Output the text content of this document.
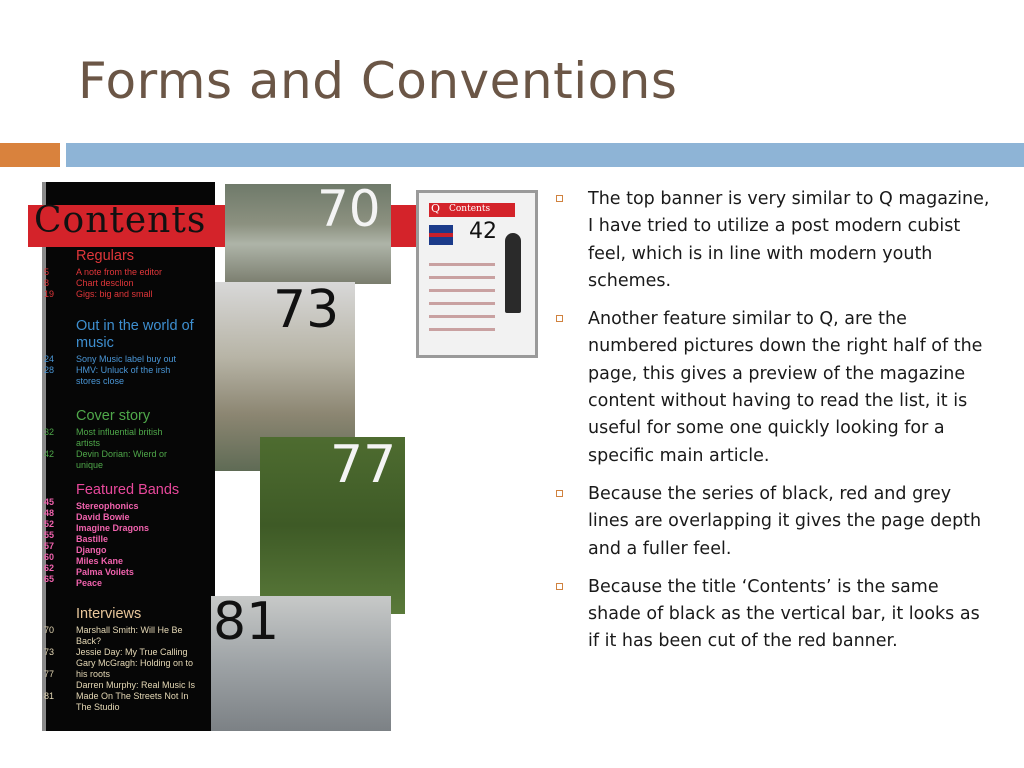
Forms and Conventions
Contents
Regulars
5
8
19
A note from the editor
Chart desclion
Gigs: big and small
Out in the world of music
24
28
Sony Music label buy out
HMV: Unluck of the irsh stores close
Cover story
32
42
Most influential british artists
Devin Dorian: Wierd or unique
Featured Bands
45
48
52
55
57
60
62
65
Stereophonics
David Bowie
Imagine Dragons
Bastille
Django
Miles Kane
Palma Voilets
Peace
Interviews
70
73
77
81
Marshall Smith: Will He Be Back?
Jessie Day: My True Calling
Gary McGragh: Holding on to his roots
Darren Murphy: Real Music Is Made On The Streets Not In The Studio
70
73
77
81
Q Contents
42
The top banner is very similar to Q magazine, I have tried to utilize a post modern cubist feel, which is in line with modern youth schemes.
Another feature similar to Q, are the numbered pictures down the right half of the page, this gives a preview of the magazine content without having to read the list, it is useful for some one quickly looking for a specific main article.
Because the series of black, red and grey lines are overlapping it gives the page depth and a fuller feel.
Because the title ‘Contents’ is the same shade of black as the vertical bar, it looks as if it has been cut of the red banner.
